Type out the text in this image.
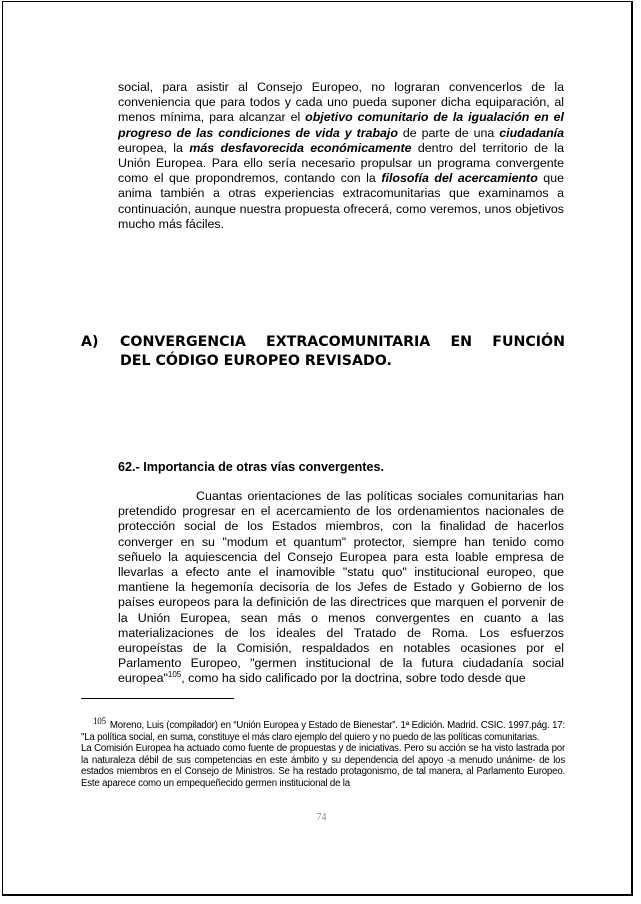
social, para asistir al Consejo Europeo, no lograran convencerlos de la conveniencia que para todos y cada uno pueda suponer dicha equiparación, al menos mínima, para alcanzar el objetivo comunitario de la igualación en el progreso de las condiciones de vida y trabajo de parte de una ciudadanía europea, la más desfavorecida económicamente dentro del territorio de la Unión Europea. Para ello sería necesario propulsar un programa convergente como el que propondremos, contando con la filosofía del acercamiento que anima también a otras experiencias extracomunitarias que examinamos a continuación, aunque nuestra propuesta ofrecerá, como veremos, unos objetivos mucho más fáciles.
A) CONVERGENCIA EXTRACOMUNITARIA EN FUNCIÓN
DEL CÓDIGO EUROPEO REVISADO.
62.- Importancia de otras vías convergentes.
Cuantas orientaciones de las políticas sociales comunitarias han pretendido progresar en el acercamiento de los ordenamientos nacionales de protección social de los Estados miembros, con la finalidad de hacerlos converger en su "modum et quantum" protector, siempre han tenido como señuelo la aquiescencia del Consejo Europea para esta loable empresa de llevarlas a efecto ante el inamovible "statu quo" institucional europeo, que mantiene la hegemonía decisoria de los Jefes de Estado y Gobierno de los países europeos para la definición de las directrices que marquen el porvenir de la Unión Europea, sean más o menos convergentes en cuanto a las materializaciones de los ideales del Tratado de Roma. Los esfuerzos europeístas de la Comisión, respaldados en notables ocasiones por el Parlamento Europeo, "germen institucional de la futura ciudadanía social europea"$^{105}$, como ha sido calificado por la doctrina, sobre todo desde que

105 Moreno, Luis (compilador) en “Unión Europea y Estado de Bienestar”. 1ª Edición. Madrid. CSIC. 1997.pág. 17: "La política social, en suma, constituye el más claro ejemplo del quiero y no puedo de las políticas comunitarias.

La Comisión Europea ha actuado como fuente de propuestas y de iniciativas. Pero su acción se ha visto lastrada por la naturaleza débil de sus competencias en este ámbito y su dependencia del apoyo -a menudo unánime- de los estados miembros en el Consejo de Ministros. Se ha restado protagonismo, de tal manera, al Parlamento Europeo. Este aparece como un empequeñecido germen institucional de la

74
